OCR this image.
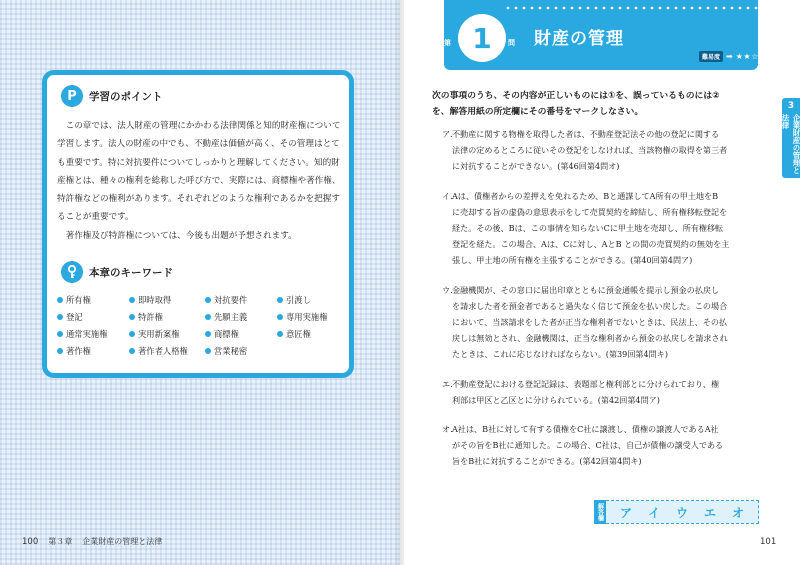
P	学習のポイント

この章では、法人財産の管理にかかわる法律関係と知的財産権について学習します。法人の財産の中でも、不動産は価値が高く、その管理はとても重要です。特に対抗要件についてしっかりと理解してください。知的財産権とは、種々の権利を総称した呼び方で、実際には、商標権や著作権、特許権などの権利があります。それぞれどのような権利であるかを把握することが重要です。

著作権及び特許権については、今後も出題が予想されます。

本章のキーワード
所有権	即時取得	対抗要件	引渡し
登記	特許権	先願主義	専用実施権
通常実施権	実用新案権	商標権	意匠権
著作権	著作者人格権	営業秘密
100 第３章 企業財産の管理と法律
1
第	問 財産の管理
難易度 ➡ ★★☆
次の事項のうち、その内容が正しいものには①を、誤っているものには②
を、解答用紙の所定欄にその番号をマークしなさい。
ア. 不動産に関する物権を取得した者は、不動産登記法その他の登記に関する
法律の定めるところに従いその登記をしなければ、当該物権の取得を第三者
に対抗することができない。(第46回第4問オ)
イ. Aは、債権者からの差押えを免れるため、Bと通謀してA所有の甲土地をB
に売却する旨の虚偽の意思表示をして売買契約を締結し、所有権移転登記を
経た。その後、Bは、この事情を知らないCに甲土地を売却し、所有権移転
登記を経た。この場合、Aは、Cに対し、AとB との間の売買契約の無効を主
張し、甲土地の所有権を主張することができる。(第40回第4問ア)
ウ. 金融機関が、その窓口に届出印章とともに預金通帳を提示し預金の払戻し
を請求した者を預金者であると過失なく信じて預金を払い戻した。この場合
において、当該請求をした者が正当な権利者でないときは、民法上、その払
戻しは無効とされ、金融機関は、正当な権利者から預金の払戻しを請求され
たときは、これに応じなければならない。(第39回第4問キ)
エ. 不動産登記における登記記録は、表題部と権利部とに分けられており、権
利部は甲区と乙区とに分けられている。(第42回第4問ア)
オ. A社は、B社に対して有する債権をC社に譲渡し、債権の譲渡人であるA社
がその旨をB社に通知した。この場合、C社は、自己が債権の譲受人である
旨をB社に対抗することができる。(第42回第4問キ)
3
企業財産の管理と法律
解答欄	ア	イ	ウ	エ	オ
101
